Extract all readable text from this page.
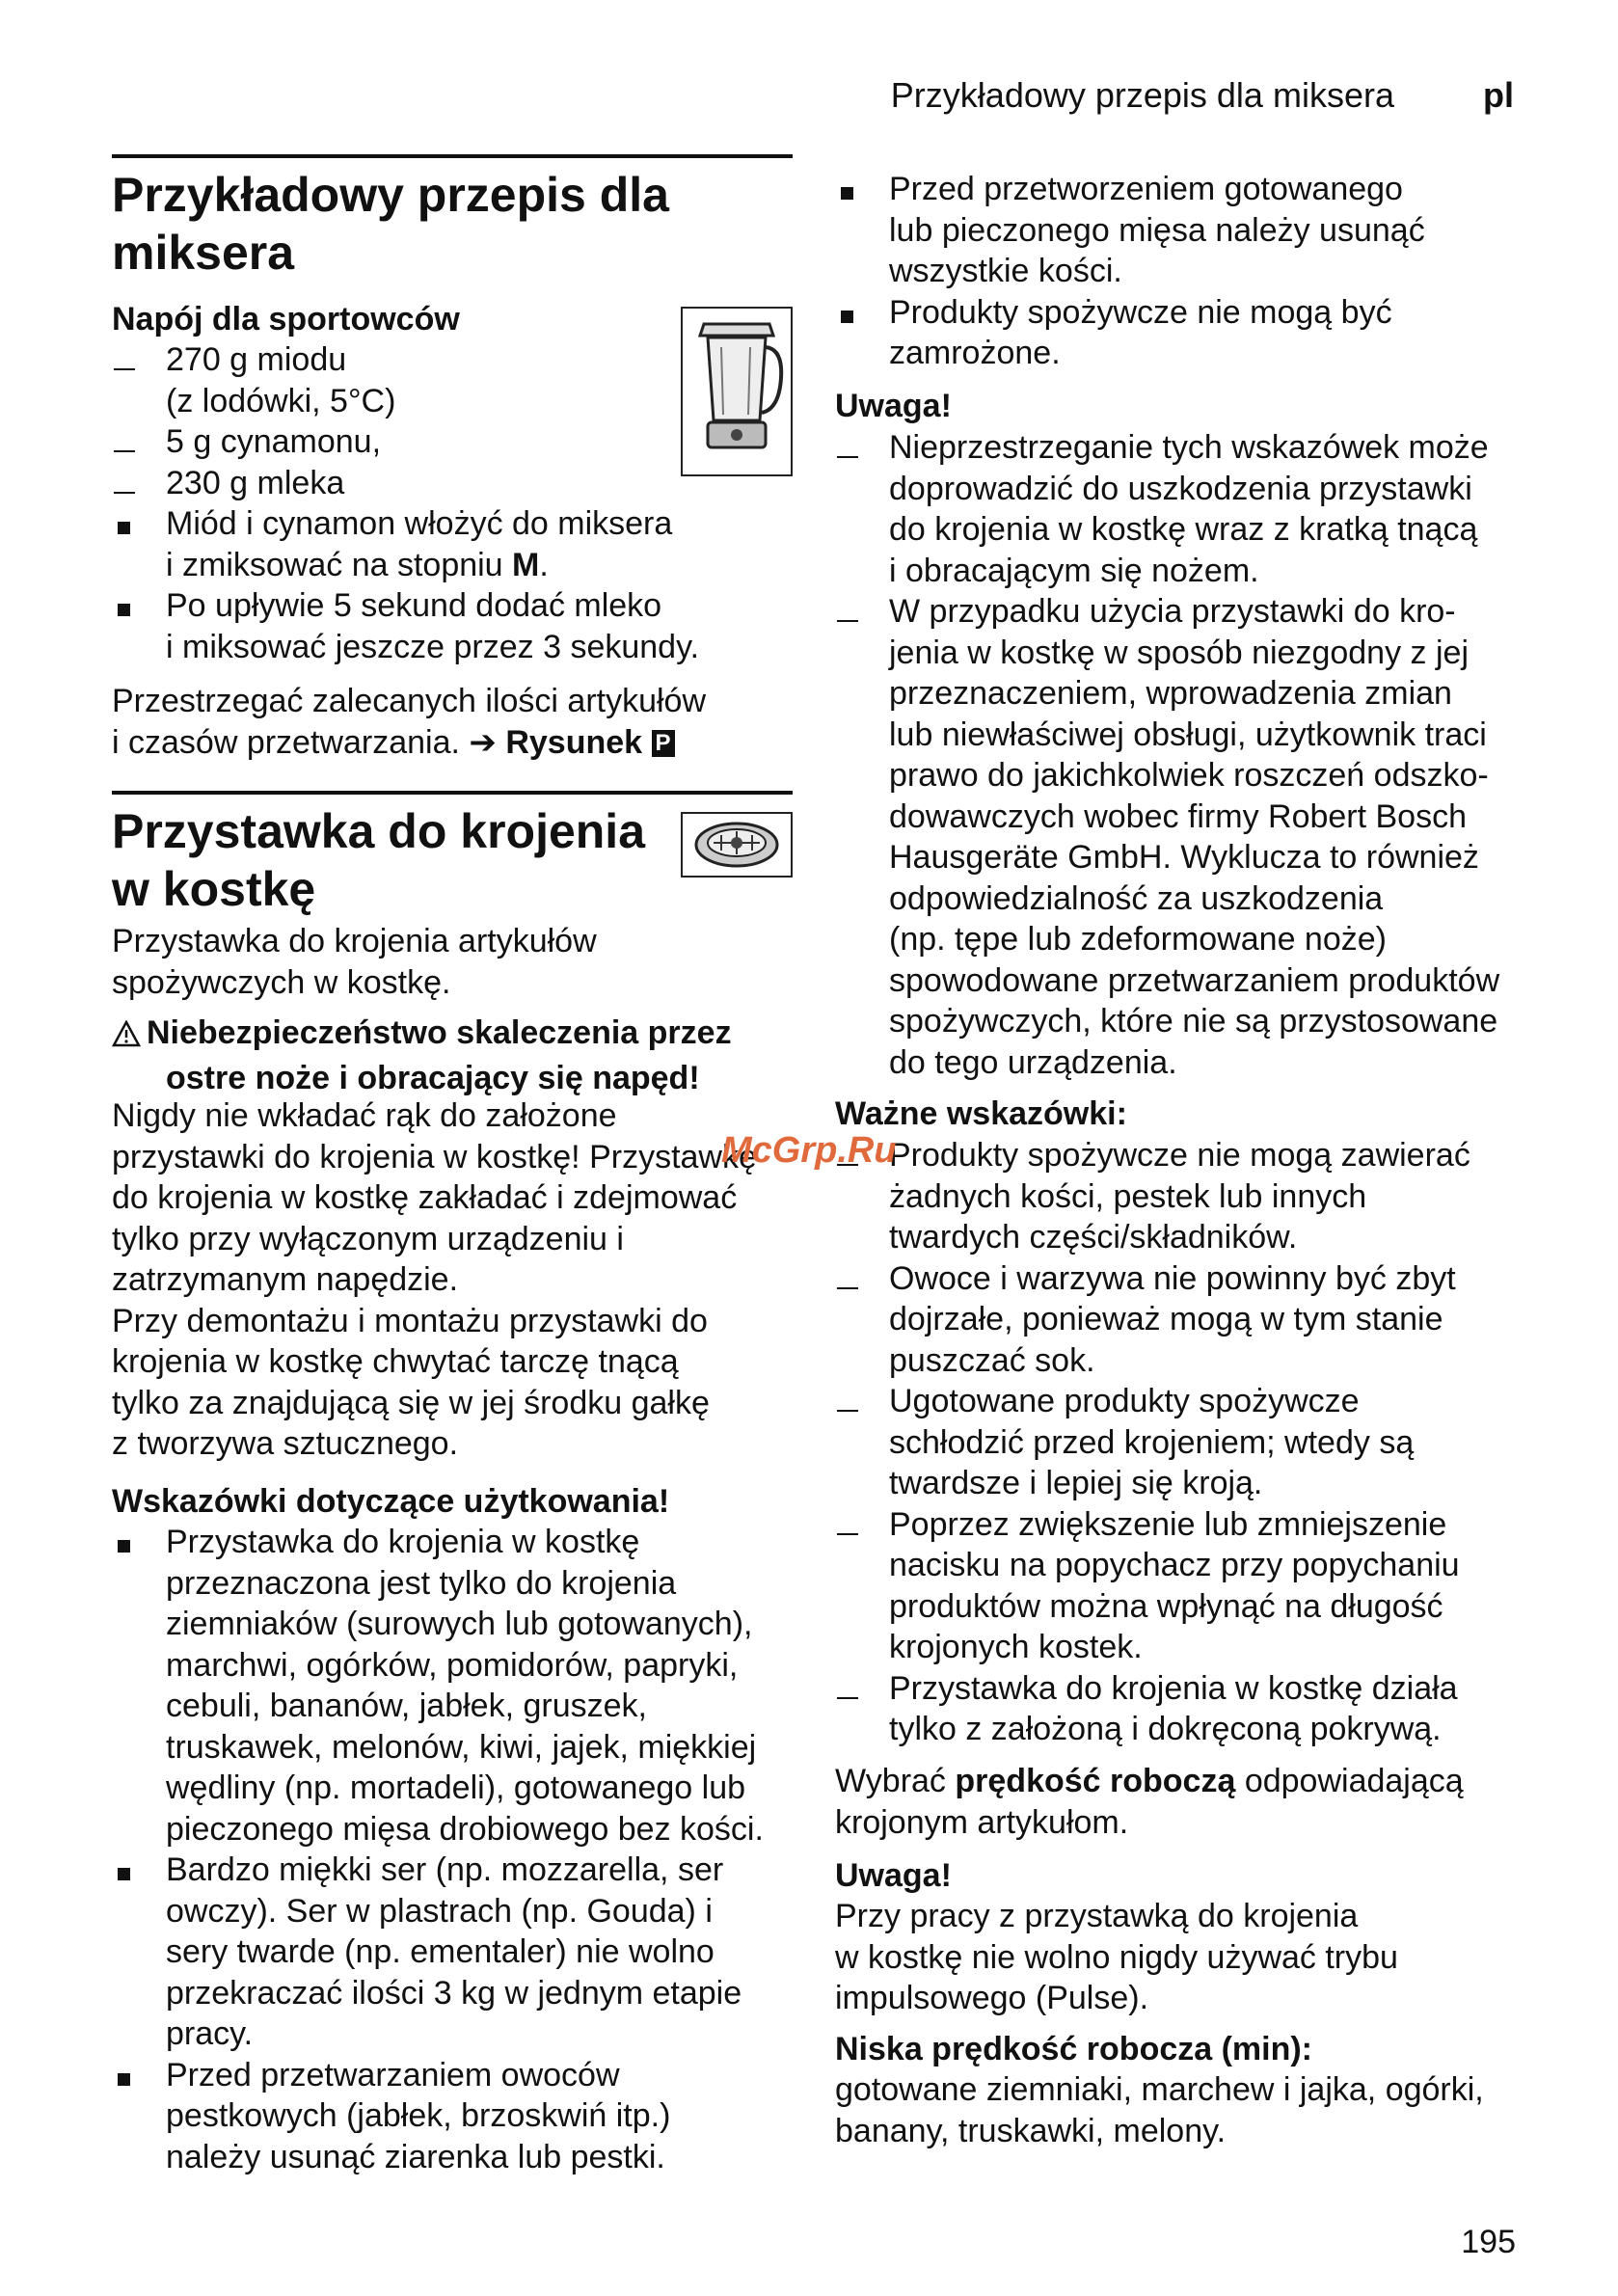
Przykładowy przepis dla miksera	pl
Przykładowy przepis dla
miksera
Napój dla sportowców
270 g miodu
(z lodówki, 5°C)
5 g cynamonu,
230 g mleka
Miód i cynamon włożyć do miksera
i zmiksować na stopniu M.
Po upływie 5 sekund dodać mleko
i miksować jeszcze przez 3 sekundy.
Przestrzegać zalecanych ilości artykułów
i czasów przetwarzania. ➔ Rysunek P
Przystawka do krojenia
w kostkę
Przystawka do krojenia artykułów
spożywczych w kostkę.
Niebezpieczeństwo skaleczenia przez
ostre noże i obracający się napęd!
Nigdy nie wkładać rąk do założone
przystawki do krojenia w kostkę! Przystawkę
do krojenia w kostkę zakładać i zdejmować
tylko przy wyłączonym urządzeniu i
zatrzymanym napędzie.
Przy demontażu i montażu przystawki do
krojenia w kostkę chwytać tarczę tnącą
tylko za znajdującą się w jej środku gałkę
z tworzywa sztucznego.
Wskazówki dotyczące użytkowania!
Przystawka do krojenia w kostkę
przeznaczona jest tylko do krojenia
ziemniaków (surowych lub gotowanych),
marchwi, ogórków, pomidorów, papryki,
cebuli, bananów, jabłek, gruszek,
truskawek, melonów, kiwi, jajek, miękkiej
wędliny (np. mortadeli), gotowanego lub
pieczonego mięsa drobiowego bez kości.
Bardzo miękki ser (np. mozzarella, ser
owczy). Ser w plastrach (np. Gouda) i
sery twarde (np. ementaler) nie wolno
przekraczać ilości 3 kg w jednym etapie
pracy.
Przed przetwarzaniem owoców
pestkowych (jabłek, brzoskwiń itp.)
należy usunąć ziarenka lub pestki.
Przed przetworzeniem gotowanego
lub pieczonego mięsa należy usunąć
wszystkie kości.
Produkty spożywcze nie mogą być
zamrożone.
Uwaga!
Nieprzestrzeganie tych wskazówek może
doprowadzić do uszkodzenia przystawki
do krojenia w kostkę wraz z kratką tnącą
i obracającym się nożem.
W przypadku użycia przystawki do kro-
jenia w kostkę w sposób niezgodny z jej
przeznaczeniem, wprowadzenia zmian
lub niewłaściwej obsługi, użytkownik traci
prawo do jakichkolwiek roszczeń odszko-
dowawczych wobec firmy Robert Bosch
Hausgeräte GmbH. Wyklucza to również
odpowiedzialność za uszkodzenia
(np. tępe lub zdeformowane noże)
spowodowane przetwarzaniem produktów
spożywczych, które nie są przystosowane
do tego urządzenia.
Ważne wskazówki:
Produkty spożywcze nie mogą zawierać
żadnych kości, pestek lub innych
twardych części/składników.
Owoce i warzywa nie powinny być zbyt
dojrzałe, ponieważ mogą w tym stanie
puszczać sok.
Ugotowane produkty spożywcze
schłodzić przed krojeniem; wtedy są
twardsze i lepiej się kroją.
Poprzez zwiększenie lub zmniejszenie
nacisku na popychacz przy popychaniu
produktów można wpłynąć na długość
krojonych kostek.
Przystawka do krojenia w kostkę działa
tylko z założoną i dokręconą pokrywą.
Wybrać prędkość roboczą odpowiadającą
krojonym artykułom.
Uwaga!
Przy pracy z przystawką do krojenia
w kostkę nie wolno nigdy używać trybu
impulsowego (Pulse).
Niska prędkość robocza (min):
gotowane ziemniaki, marchew i jajka, ogórki,
banany, truskawki, melony.
McGrp.Ru
195
